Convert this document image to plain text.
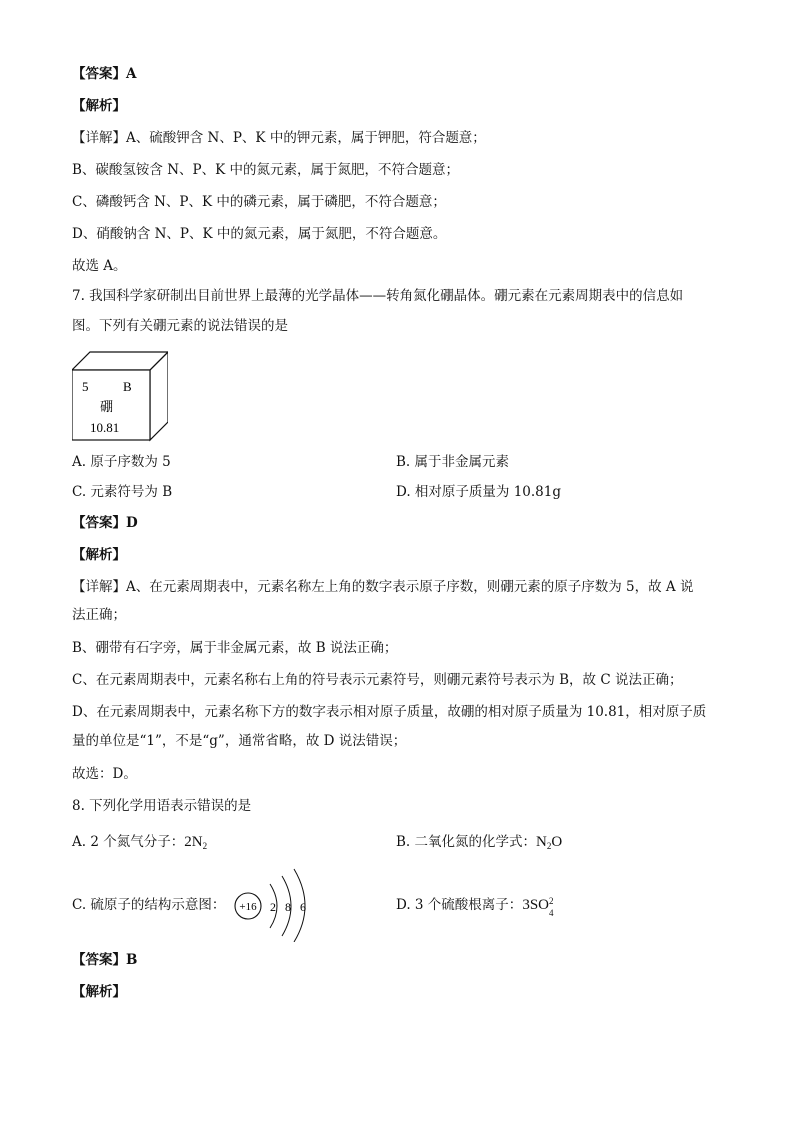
【答案】A
【解析】
【详解】A、硫酸钾含 N、P、K 中的钾元素，属于钾肥，符合题意；
B、碳酸氢铵含 N、P、K 中的氮元素，属于氮肥，不符合题意；
C、磷酸钙含 N、P、K 中的磷元素，属于磷肥，不符合题意；
D、硝酸钠含 N、P、K 中的氮元素，属于氮肥，不符合题意。
故选 A。
7. 我国科学家研制出目前世界上最薄的光学晶体——转角氮化硼晶体。硼元素在元素周期表中的信息如
图。下列有关硼元素的说法错误的是
5	B
硼
10.81
A. 原子序数为 5	B. 属于非金属元素
C. 元素符号为 B	D. 相对原子质量为 10.81g
【答案】D
【解析】
【详解】A、在元素周期表中，元素名称左上角的数字表示原子序数，则硼元素的原子序数为 5，故 A 说
法正确；
B、硼带有石字旁，属于非金属元素，故 B 说法正确；
C、在元素周期表中，元素名称右上角的符号表示元素符号，则硼元素符号表示为 B，故 C 说法正确；
D、在元素周期表中，元素名称下方的数字表示相对原子质量，故硼的相对原子质量为 10.81，相对原子质
量的单位是“1”，不是“g”，通常省略，故 D 说法错误；
故选：D。
8. 下列化学用语表示错误的是
A. 2 个氮气分子：$2N_2$	B. 二氧化氮的化学式：$N_2O$
C. 硫原子的结构示意图： +16 2 8 6	D. 3 个硫酸根离子：3SO 2
4
【答案】B
【解析】
